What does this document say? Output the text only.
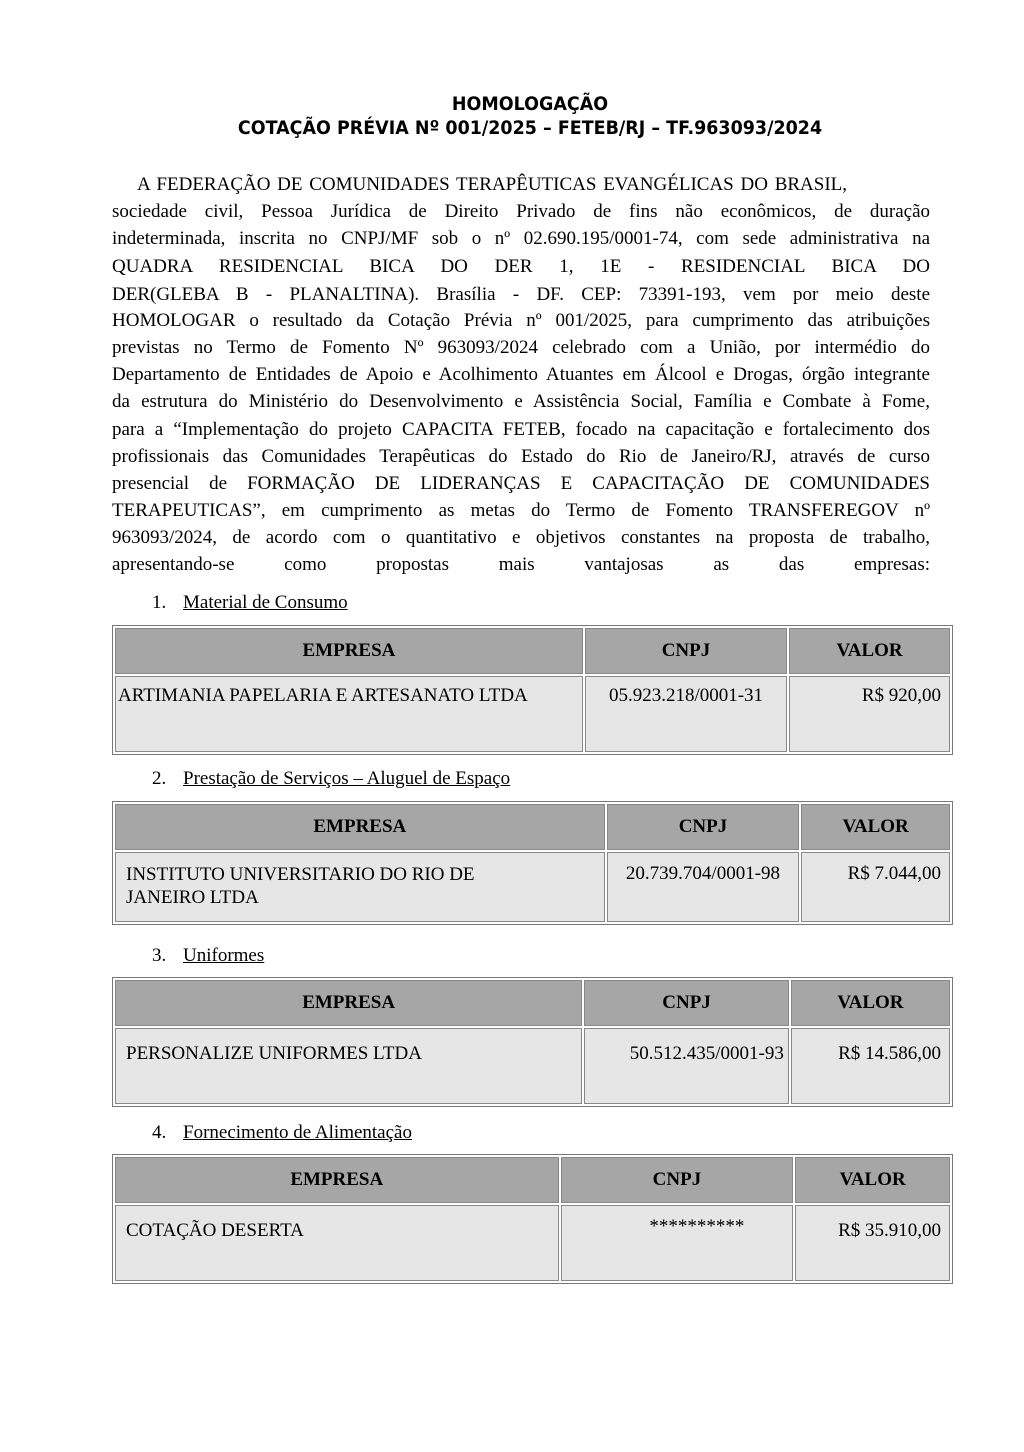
HOMOLOGAÇÃO
COTAÇÃO PRÉVIA Nº 001/2025 – FETEB/RJ – TF.963093/2024
A FEDERAÇÃO DE COMUNIDADES TERAPÊUTICAS EVANGÉLICAS DO BRASIL,
sociedade civil, Pessoa Jurídica de Direito Privado de fins não econômicos, de duração
indeterminada, inscrita no CNPJ/MF sob o nº 02.690.195/0001-74, com sede administrativa na
QUADRA RESIDENCIAL BICA DO DER 1, 1E - RESIDENCIAL BICA DO
DER(GLEBA B - PLANALTINA). Brasília - DF. CEP: 73391-193, vem por meio deste
HOMOLOGAR o resultado da Cotação Prévia nº 001/2025, para cumprimento das atribuições
previstas no Termo de Fomento Nº 963093/2024 celebrado com a União, por intermédio do
Departamento de Entidades de Apoio e Acolhimento Atuantes em Álcool e Drogas, órgão integrante
da estrutura do Ministério do Desenvolvimento e Assistência Social, Família e Combate à Fome,
para a “Implementação do projeto CAPACITA FETEB, focado na capacitação e fortalecimento dos
profissionais das Comunidades Terapêuticas do Estado do Rio de Janeiro/RJ, através de curso
presencial de FORMAÇÃO DE LIDERANÇAS E CAPACITAÇÃO DE COMUNIDADES
TERAPEUTICAS”, em cumprimento as metas do Termo de Fomento TRANSFEREGOV nº
963093/2024, de acordo com o quantitativo e objetivos constantes na proposta de trabalho,
apresentando-se como propostas mais vantajosas as das empresas:
1. Material de Consumo
EMPRESA	CNPJ	VALOR
ARTIMANIA PAPELARIA E ARTESANATO LTDA	05.923.218/0001-31	R$ 920,00
2. Prestação de Serviços – Aluguel de Espaço
EMPRESA	CNPJ	VALOR
INSTITUTO UNIVERSITARIO DO RIO DE JANEIRO LTDA	20.739.704/0001-98	R$ 7.044,00
3. Uniformes
EMPRESA	CNPJ	VALOR
PERSONALIZE UNIFORMES LTDA	50.512.435/0001-93	R$ 14.586,00
4. Fornecimento de Alimentação
EMPRESA	CNPJ	VALOR
COTAÇÃO DESERTA	**********	R$ 35.910,00
